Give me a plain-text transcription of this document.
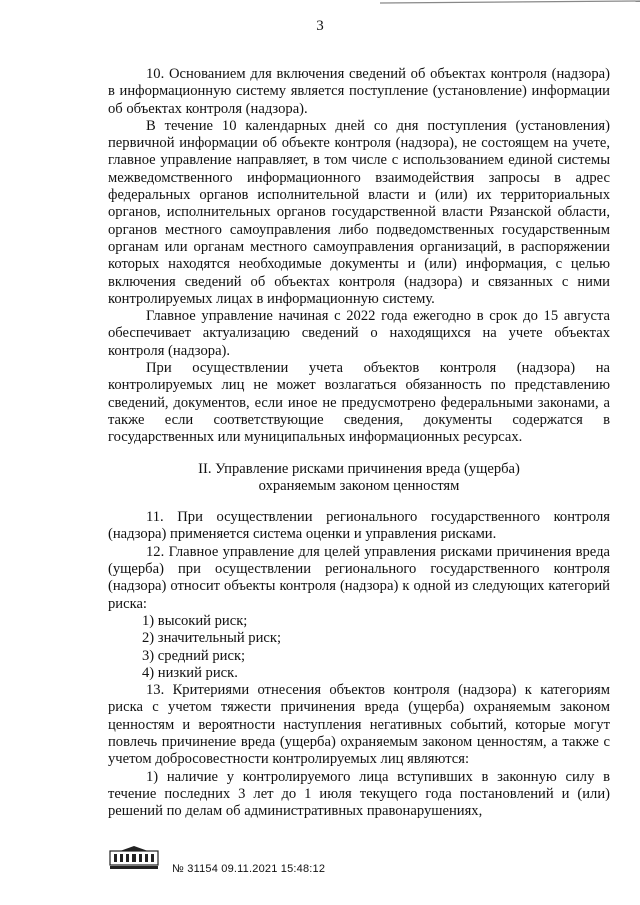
3

10. Основанием для включения сведений об объектах контроля (надзора) в информационную систему является поступление (установление) информации об объектах контроля (надзора).

В течение 10 календарных дней со дня поступления (установления) первичной информации об объекте контроля (надзора), не состоящем на учете, главное управление направляет, в том числе с использованием единой системы межведомственного информационного взаимодействия запросы в адрес федеральных органов исполнительной власти и (или) их территориальных органов, исполнительных органов государственной власти Рязанской области, органов местного самоуправления либо подведомственных государственным органам или органам местного самоуправления организаций, в распоряжении которых находятся необходимые документы и (или) информация, с целью включения сведений об объектах контроля (надзора) и связанных с ними контролируемых лицах в информационную систему.

Главное управление начиная с 2022 года ежегодно в срок до 15 августа обеспечивает актуализацию сведений о находящихся на учете объектах контроля (надзора).

При осуществлении учета объектов контроля (надзора) на контролируемых лиц не может возлагаться обязанность по представлению сведений, документов, если иное не предусмотрено федеральными законами, а также если соответствующие сведения, документы содержатся в государственных или муниципальных информационных ресурсах.

II. Управление рисками причинения вреда (ущерба)
охраняемым законом ценностям

11. При осуществлении регионального государственного контроля (надзора) применяется система оценки и управления рисками.

12. Главное управление для целей управления рисками причинения вреда (ущерба) при осуществлении регионального государственного контроля (надзора) относит объекты контроля (надзора) к одной из следующих категорий риска:

1) высокий риск;

2) значительный риск;

3) средний риск;

4) низкий риск.

13. Критериями отнесения объектов контроля (надзора) к категориям риска с учетом тяжести причинения вреда (ущерба) охраняемым законом ценностям и вероятности наступления негативных событий, которые могут повлечь причинение вреда (ущерба) охраняемым законом ценностям, а также с учетом добросовестности контролируемых лиц являются:

1) наличие у контролируемого лица вступивших в законную силу в течение последних 3 лет до 1 июля текущего года постановлений и (или) решений по делам об административных правонарушениях,

№ 31154 09.11.2021 15:48:12
